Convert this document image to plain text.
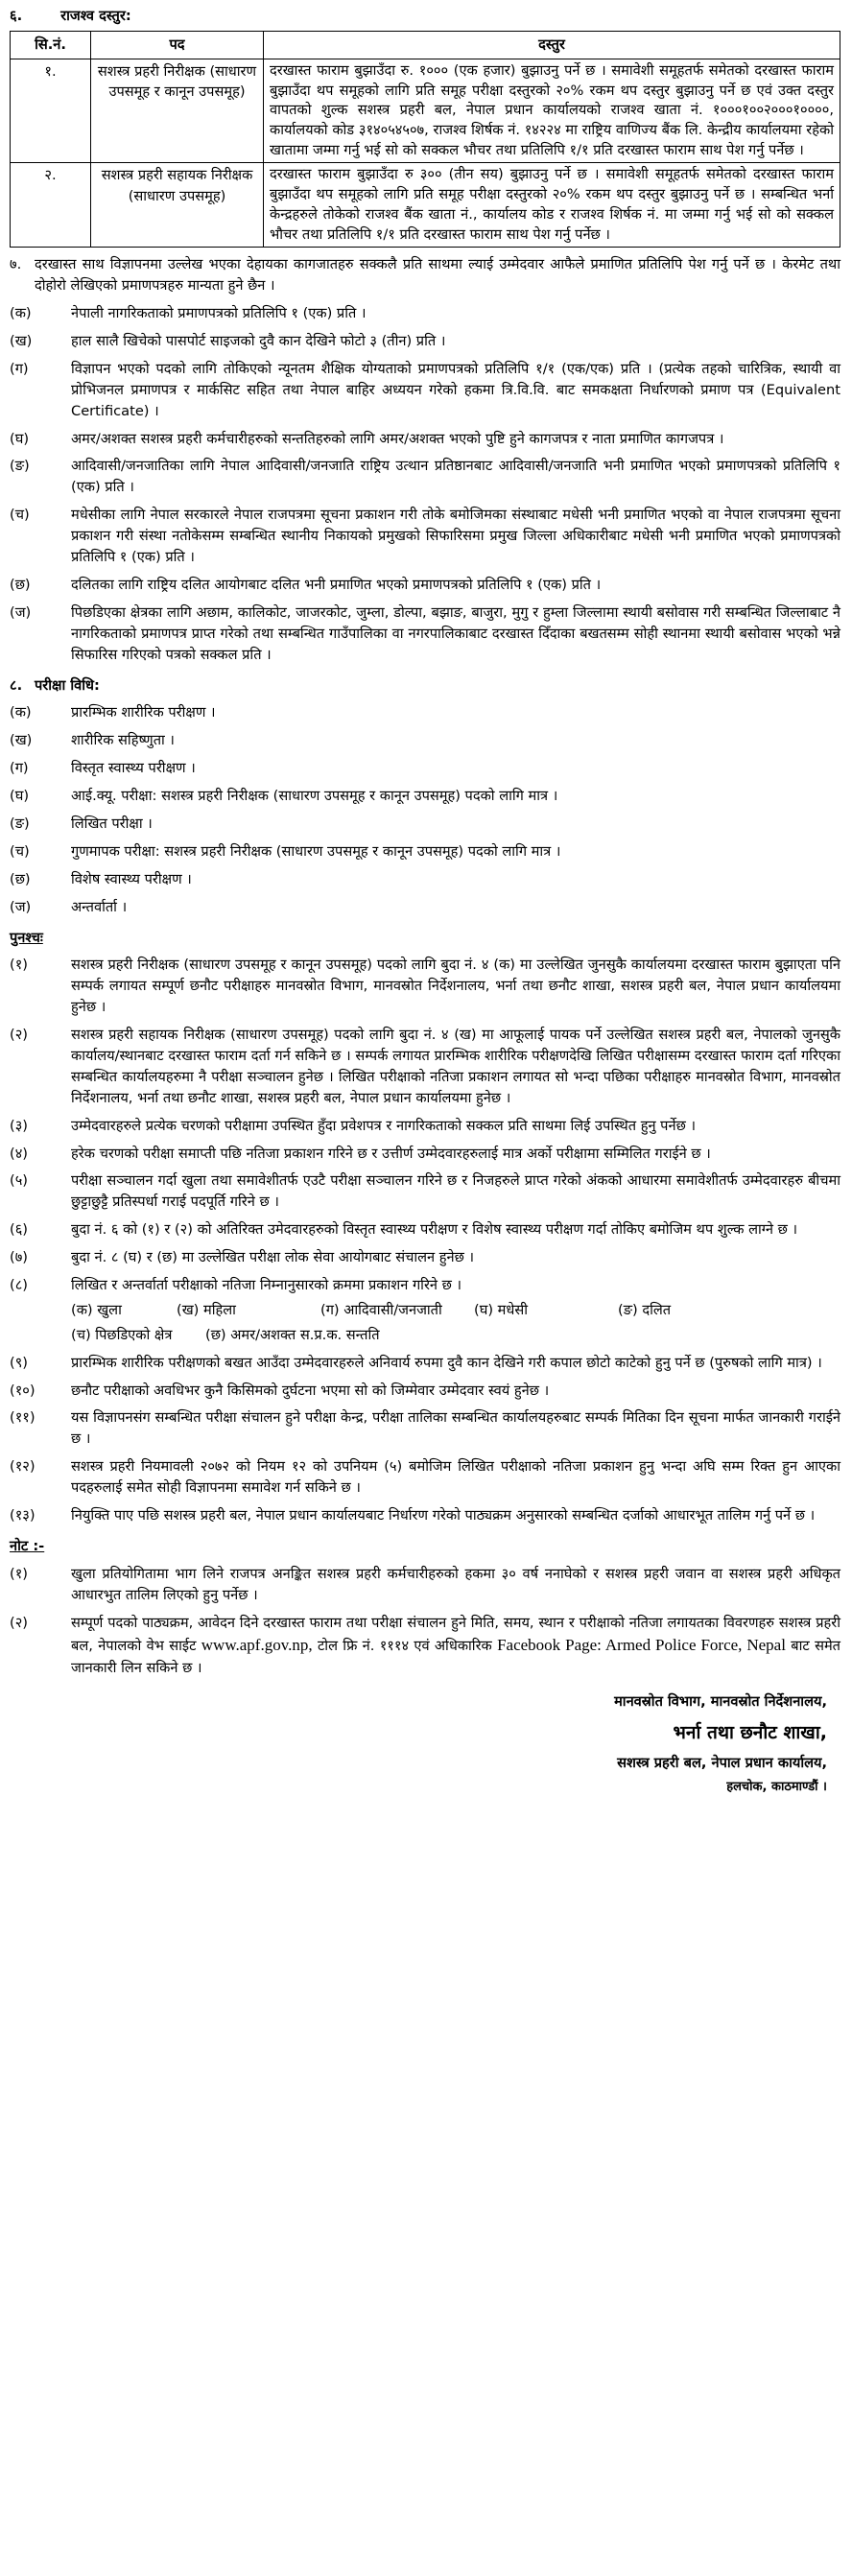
६.	राजश्व दस्तुर:
सि.नं.	पद	दस्तुर
१.	सशस्त्र प्रहरी निरीक्षक (साधारण उपसमूह र कानून उपसमूह)	दरखास्त फाराम बुझाउँदा रु. १००० (एक हजार) बुझाउनु पर्ने छ । समावेशी समूहतर्फ समेतको दरखास्त फाराम बुझाउँदा थप समूहको लागि प्रति समूह परीक्षा दस्तुरको २०% रकम थप दस्तुर बुझाउनु पर्ने छ एवं उक्त दस्तुर वापतको शुल्क सशस्त्र प्रहरी बल, नेपाल प्रधान कार्यालयको राजश्व खाता नं. १०००१००२०००१००००, कार्यालयको कोड ३१४०५४५०७, राजश्व शिर्षक नं. १४२२४ मा राष्ट्रिय वाणिज्य बैंक लि. केन्द्रीय कार्यालयमा रहेको खातामा जम्मा गर्नु भई सो को सक्कल भौचर तथा प्रतिलिपि १/१ प्रति दरखास्त फाराम साथ पेश गर्नु पर्नेछ ।
२.	सशस्त्र प्रहरी सहायक निरीक्षक (साधारण उपसमूह)	दरखास्त फाराम बुझाउँदा रु ३०० (तीन सय) बुझाउनु पर्ने छ । समावेशी समूहतर्फ समेतको दरखास्त फाराम बुझाउँदा थप समूहको लागि प्रति समूह परीक्षा दस्तुरको २०% रकम थप दस्तुर बुझाउनु पर्ने छ । सम्बन्धित भर्ना केन्द्रहरुले तोकेको राजश्व बैंक खाता नं., कार्यालय कोड र राजश्व शिर्षक नं. मा जम्मा गर्नु भई सो को सक्कल भौचर तथा प्रतिलिपि १/१ प्रति दरखास्त फाराम साथ पेश गर्नु पर्नेछ ।
७. दरखास्त साथ विज्ञापनमा उल्लेख भएका देहायका कागजातहरु सक्कलै प्रति साथमा ल्याई उम्मेदवार आफैले प्रमाणित प्रतिलिपि पेश गर्नु पर्ने छ । केरमेट तथा दोहोरो लेखिएको प्रमाणपत्रहरु मान्यता हुने छैन ।
(क)	नेपाली नागरिकताको प्रमाणपत्रको प्रतिलिपि १ (एक) प्रति ।
(ख)	हाल सालै खिचेको पासपोर्ट साइजको दुवै कान देखिने फोटो ३ (तीन) प्रति ।
(ग)	विज्ञापन भएको पदको लागि तोकिएको न्यूनतम शैक्षिक योग्यताको प्रमाणपत्रको प्रतिलिपि १/१ (एक/एक) प्रति । (प्रत्येक तहको चारित्रिक, स्थायी वा प्रोभिजनल प्रमाणपत्र र मार्कसिट सहित तथा नेपाल बाहिर अध्ययन गरेको हकमा त्रि.वि.वि. बाट समकक्षता निर्धारणको प्रमाण पत्र (Equivalent Certificate) ।
(घ)	अमर/अशक्त सशस्त्र प्रहरी कर्मचारीहरुको सन्ततिहरुको लागि अमर/अशक्त भएको पुष्टि हुने कागजपत्र र नाता प्रमाणित कागजपत्र ।
(ङ)	आदिवासी/जनजातिका लागि नेपाल आदिवासी/जनजाति राष्ट्रिय उत्थान प्रतिष्ठानबाट आदिवासी/जनजाति भनी प्रमाणित भएको प्रमाणपत्रको प्रतिलिपि १ (एक) प्रति ।
(च)	मधेसीका लागि नेपाल सरकारले नेपाल राजपत्रमा सूचना प्रकाशन गरी तोके बमोजिमका संस्थाबाट मधेसी भनी प्रमाणित भएको वा नेपाल राजपत्रमा सूचना प्रकाशन गरी संस्था नतोकेसम्म सम्बन्धित स्थानीय निकायको प्रमुखको सिफारिसमा प्रमुख जिल्ला अधिकारीबाट मधेसी भनी प्रमाणित भएको प्रमाणपत्रको प्रतिलिपि १ (एक) प्रति ।
(छ)	दलितका लागि राष्ट्रिय दलित आयोगबाट दलित भनी प्रमाणित भएको प्रमाणपत्रको प्रतिलिपि १ (एक) प्रति ।
(ज)	पिछडिएका क्षेत्रका लागि अछाम, कालिकोट, जाजरकोट, जुम्ला, डोल्पा, बझाङ, बाजुरा, मुगु र हुम्ला जिल्लामा स्थायी बसोवास गरी सम्बन्धित जिल्लाबाट नै नागरिकताको प्रमाणपत्र प्राप्त गरेको तथा सम्बन्धित गाउँपालिका वा नगरपालिकाबाट दरखास्त दिँदाका बखतसम्म सोही स्थानमा स्थायी बसोवास भएको भन्ने सिफारिस गरिएको पत्रको सक्कल प्रति ।
८. परीक्षा विधि:
(क)	प्रारम्भिक शारीरिक परीक्षण ।
(ख)	शारीरिक सहिष्णुता ।
(ग)	विस्तृत स्वास्थ्य परीक्षण ।
(घ)	आई.क्यू. परीक्षा: सशस्त्र प्रहरी निरीक्षक (साधारण उपसमूह र कानून उपसमूह) पदको लागि मात्र ।
(ङ)	लिखित परीक्षा ।
(च)	गुणमापक परीक्षा: सशस्त्र प्रहरी निरीक्षक (साधारण उपसमूह र कानून उपसमूह) पदको लागि मात्र ।
(छ)	विशेष स्वास्थ्य परीक्षण ।
(ज)	अन्तर्वार्ता ।
पुनश्चः
(१)	सशस्त्र प्रहरी निरीक्षक (साधारण उपसमूह र कानून उपसमूह) पदको लागि बुदा नं. ४ (क) मा उल्लेखित जुनसुकै कार्यालयमा दरखास्त फाराम बुझाएता पनि सम्पर्क लगायत सम्पूर्ण छनौट परीक्षाहरु मानवस्रोत विभाग, मानवस्रोत निर्देशनालय, भर्ना तथा छनौट शाखा, सशस्त्र प्रहरी बल, नेपाल प्रधान कार्यालयमा हुनेछ ।
(२)	सशस्त्र प्रहरी सहायक निरीक्षक (साधारण उपसमूह) पदको लागि बुदा नं. ४ (ख) मा आफूलाई पायक पर्ने उल्लेखित सशस्त्र प्रहरी बल, नेपालको जुनसुकै कार्यालय/स्थानबाट दरखास्त फाराम दर्ता गर्न सकिने छ । सम्पर्क लगायत प्रारम्भिक शारीरिक परीक्षणदेखि लिखित परीक्षासम्म दरखास्त फाराम दर्ता गरिएका सम्बन्धित कार्यालयहरुमा नै परीक्षा सञ्चालन हुनेछ । लिखित परीक्षाको नतिजा प्रकाशन लगायत सो भन्दा पछिका परीक्षाहरु मानवस्रोत विभाग, मानवस्रोत निर्देशनालय, भर्ना तथा छनौट शाखा, सशस्त्र प्रहरी बल, नेपाल प्रधान कार्यालयमा हुनेछ ।
(३)	उम्मेदवारहरुले प्रत्येक चरणको परीक्षामा उपस्थित हुँदा प्रवेशपत्र र नागरिकताको सक्कल प्रति साथमा लिई उपस्थित हुनु पर्नेछ ।
(४)	हरेक चरणको परीक्षा समाप्ती पछि नतिजा प्रकाशन गरिने छ र उत्तीर्ण उम्मेदवारहरुलाई मात्र अर्को परीक्षामा सम्मिलित गराईने छ ।
(५)	परीक्षा सञ्चालन गर्दा खुला तथा समावेशीतर्फ एउटै परीक्षा सञ्चालन गरिने छ र निजहरुले प्राप्त गरेको अंकको आधारमा समावेशीतर्फ उम्मेदवारहरु बीचमा छुट्टाछुट्टै प्रतिस्पर्धा गराई पदपूर्ति गरिने छ ।
(६)	बुदा नं. ६ को (१) र (२) को अतिरिक्त उमेदवारहरुको विस्तृत स्वास्थ्य परीक्षण र विशेष स्वास्थ्य परीक्षण गर्दा तोकिए बमोजिम थप शुल्क लाग्ने छ ।
(७)	बुदा नं. ८ (घ) र (छ) मा उल्लेखित परीक्षा लोक सेवा आयोगबाट संचालन हुनेछ ।
(८)	लिखित र अन्तर्वार्ता परीक्षाको नतिजा निम्नानुसारको क्रममा प्रकाशन गरिने छ ।
(क) खुला	(ख) महिला	(ग) आदिवासी/जनजाती	(घ) मधेसी	(ङ) दलित
(च) पिछडिएको क्षेत्र	(छ) अमर/अशक्त स.प्र.क. सन्तति
(९)	प्रारम्भिक शारीरिक परीक्षणको बखत आउँदा उम्मेदवारहरुले अनिवार्य रुपमा दुवै कान देखिने गरी कपाल छोटो काटेको हुनु पर्ने छ (पुरुषको लागि मात्र) ।
(१०)	छनौट परीक्षाको अवधिभर कुनै किसिमको दुर्घटना भएमा सो को जिम्मेवार उम्मेदवार स्वयं हुनेछ ।
(११)	यस विज्ञापनसंग सम्बन्धित परीक्षा संचालन हुने परीक्षा केन्द्र, परीक्षा तालिका सम्बन्धित कार्यालयहरुबाट सम्पर्क मितिका दिन सूचना मार्फत जानकारी गराईने छ ।
(१२)	सशस्त्र प्रहरी नियमावली २०७२ को नियम १२ को उपनियम (५) बमोजिम लिखित परीक्षाको नतिजा प्रकाशन हुनु भन्दा अघि सम्म रिक्त हुन आएका पदहरुलाई समेत सोही विज्ञापनमा समावेश गर्न सकिने छ ।
(१३)	नियुक्ति पाए पछि सशस्त्र प्रहरी बल, नेपाल प्रधान कार्यालयबाट निर्धारण गरेको पाठ्यक्रम अनुसारको सम्बन्धित दर्जाको आधारभूत तालिम गर्नु पर्ने छ ।
नोट :-
(१)	खुला प्रतियोगितामा भाग लिने राजपत्र अनङ्कित सशस्त्र प्रहरी कर्मचारीहरुको हकमा ३० वर्ष ननाघेको र सशस्त्र प्रहरी जवान वा सशस्त्र प्रहरी अधिकृत आधारभुत तालिम लिएको हुनु पर्नेछ ।
(२)	सम्पूर्ण पदको पाठ्यक्रम, आवेदन दिने दरखास्त फाराम तथा परीक्षा संचालन हुने मिति, समय, स्थान र परीक्षाको नतिजा लगायतका विवरणहरु सशस्त्र प्रहरी बल, नेपालको वेभ साईट www.apf.gov.np, टोल फ्रि नं. १११४ एवं अधिकारिक Facebook Page: Armed Police Force, Nepal बाट समेत जानकारी लिन सकिने छ ।
मानवस्रोत विभाग, मानवस्रोत निर्देशनालय,
भर्ना तथा छनौट शाखा,
सशस्त्र प्रहरी बल, नेपाल प्रधान कार्यालय,
हलचोक, काठमाण्डौं ।
